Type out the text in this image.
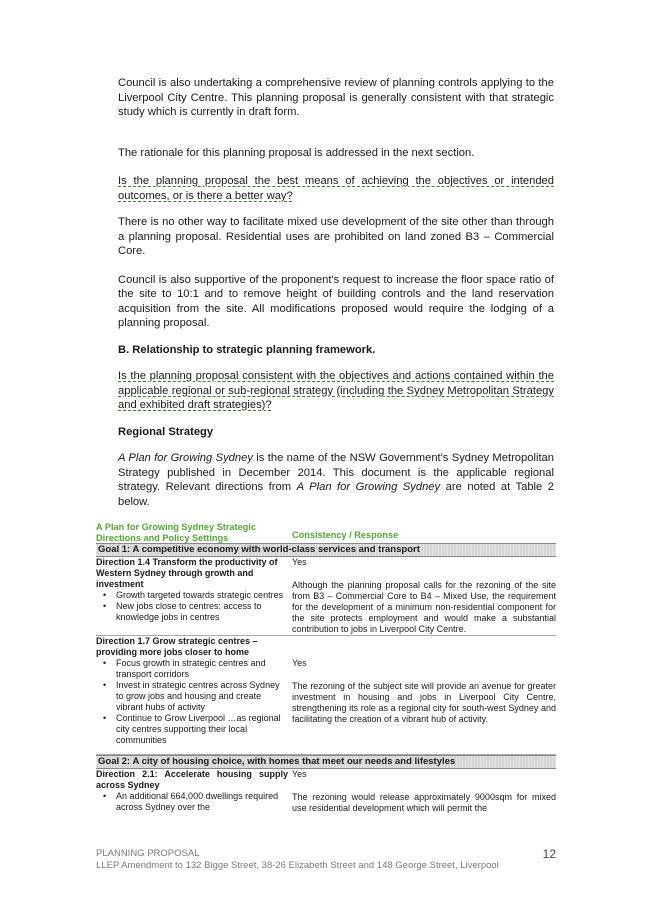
Council is also undertaking a comprehensive review of planning controls applying to the Liverpool City Centre. This planning proposal is generally consistent with that strategic study which is currently in draft form.

The rationale for this planning proposal is addressed in the next section.

Is the planning proposal the best means of achieving the objectives or intended outcomes, or is there a better way?

There is no other way to facilitate mixed use development of the site other than through a planning proposal. Residential uses are prohibited on land zoned B3 – Commercial Core.

Council is also supportive of the proponent's request to increase the floor space ratio of the site to 10:1 and to remove height of building controls and the land reservation acquisition from the site. All modifications proposed would require the lodging of a planning proposal.

B. Relationship to strategic planning framework.

Is the planning proposal consistent with the objectives and actions contained within the applicable regional or sub-regional strategy (including the Sydney Metropolitan Strategy and exhibited draft strategies)?

Regional Strategy

A Plan for Growing Sydney is the name of the NSW Government's Sydney Metropolitan Strategy published in December 2014. This document is the applicable regional strategy. Relevant directions from A Plan for Growing Sydney are noted at Table 2 below.

A Plan for Growing Sydney Strategic Directions and Policy Settings	Consistency / Response
Goal 1: A competitive economy with world-class services and transport
Direction 1.4 Transform the productivity of Western Sydney through growth and investment
• Growth targeted towards strategic centres
• New jobs close to centres: access to knowledge jobs in centres
Yes
Although the planning proposal calls for the rezoning of the site from B3 – Commercial Core to B4 – Mixed Use, the requirement for the development of a minimum non-residential component for the site protects employment and would make a substantial contribution to jobs in Liverpool City Centre.
Direction 1.7 Grow strategic centres – providing more jobs closer to home
• Focus growth in strategic centres and transport corridors
• Invest in strategic centres across Sydney to grow jobs and housing and create vibrant hubs of activity
• Continue to Grow Liverpool …as regional city centres supporting their local communities
Yes
The rezoning of the subject site will provide an avenue for greater investment in housing and jobs in Liverpool City Centre, strengthening its role as a regional city for south-west Sydney and facilitating the creation of a vibrant hub of activity.
Goal 2: A city of housing choice, with homes that meet our needs and lifestyles
Direction 2.1: Accelerate housing supply across Sydney
• An additional 664,000 dwellings required across Sydney over the
Yes
The rezoning would release approximately 9000sqm for mixed use residential development which will permit the
PLANNING PROPOSAL
LLEP Amendment to 132 Bigge Street, 38-26 Elizabeth Street and 148 George Street, Liverpool
12
